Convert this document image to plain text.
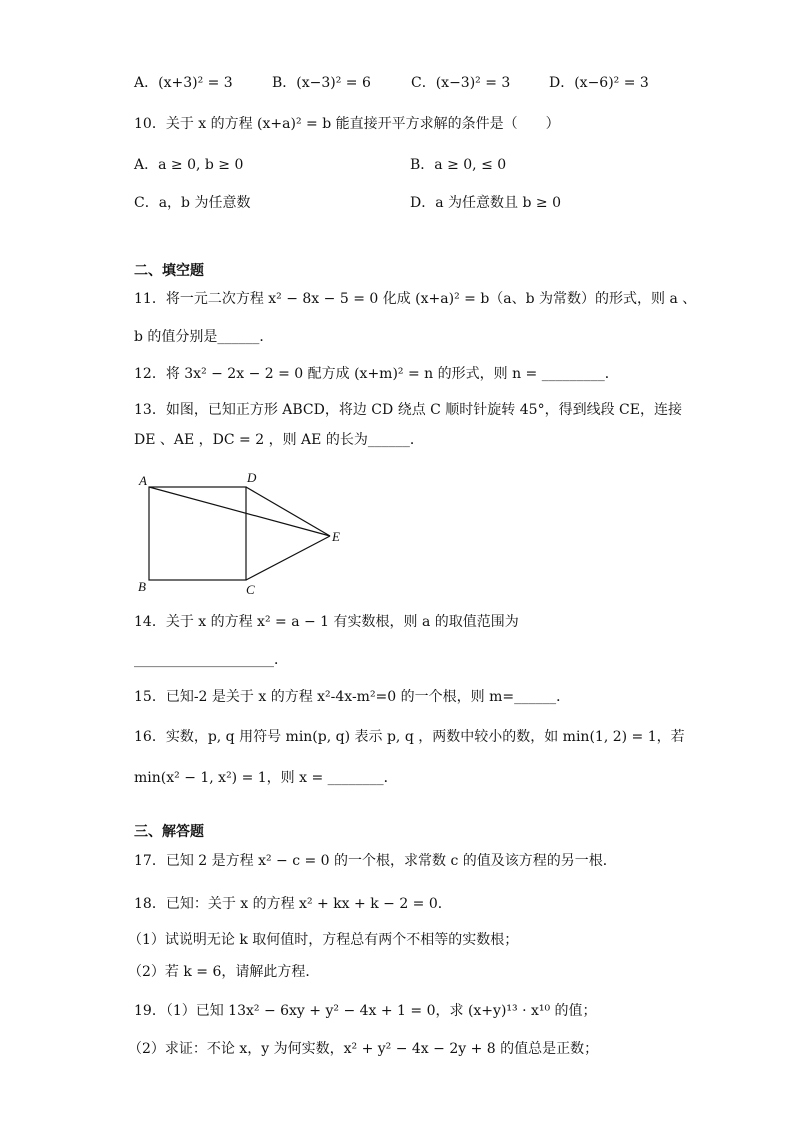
A．(x+3)² = 3	B．(x−3)² = 6	C．(x−3)² = 3	D．(x−6)² = 3
10．关于 x 的方程 (x+a)² = b 能直接开平方求解的条件是（　　）
A．a ≥ 0, b ≥ 0	B．a ≥ 0, ≤ 0
C．a，b 为任意数	D．a 为任意数且 b ≥ 0
二、填空题
11．将一元二次方程 x² − 8x − 5 = 0 化成 (x+a)² = b（a、b 为常数）的形式，则 a 、
b 的值分别是______．
12．将 3x² − 2x − 2 = 0 配方成 (x+m)² = n 的形式，则 n = _________．
13．如图，已知正方形 ABCD，将边 CD 绕点 C 顺时针旋转 45°，得到线段 CE，连接
DE 、AE ，DC = 2 ，则 AE 的长为______．
A	D
E
B	C
14．关于 x 的方程 x² = a − 1 有实数根，则 a 的取值范围为
____________________．
15．已知-2 是关于 x 的方程 x²-4x-m²=0 的一个根，则 m=______．
16．实数，p, q 用符号 min(p, q) 表示 p, q ，两数中较小的数，如 min(1, 2) = 1，若
min(x² − 1, x²) = 1，则 x = ________．
三、解答题
17．已知 2 是方程 x² − c = 0 的一个根，求常数 c 的值及该方程的另一根．
18．已知：关于 x 的方程 x² + kx + k − 2 = 0．
（1）试说明无论 k 取何值时，方程总有两个不相等的实数根；
（2）若 k = 6，请解此方程．
19．（1）已知 13x² − 6xy + y² − 4x + 1 = 0，求 (x+y)¹³ · x¹⁰ 的值；
（2）求证：不论 x，y 为何实数，x² + y² − 4x − 2y + 8 的值总是正数；
